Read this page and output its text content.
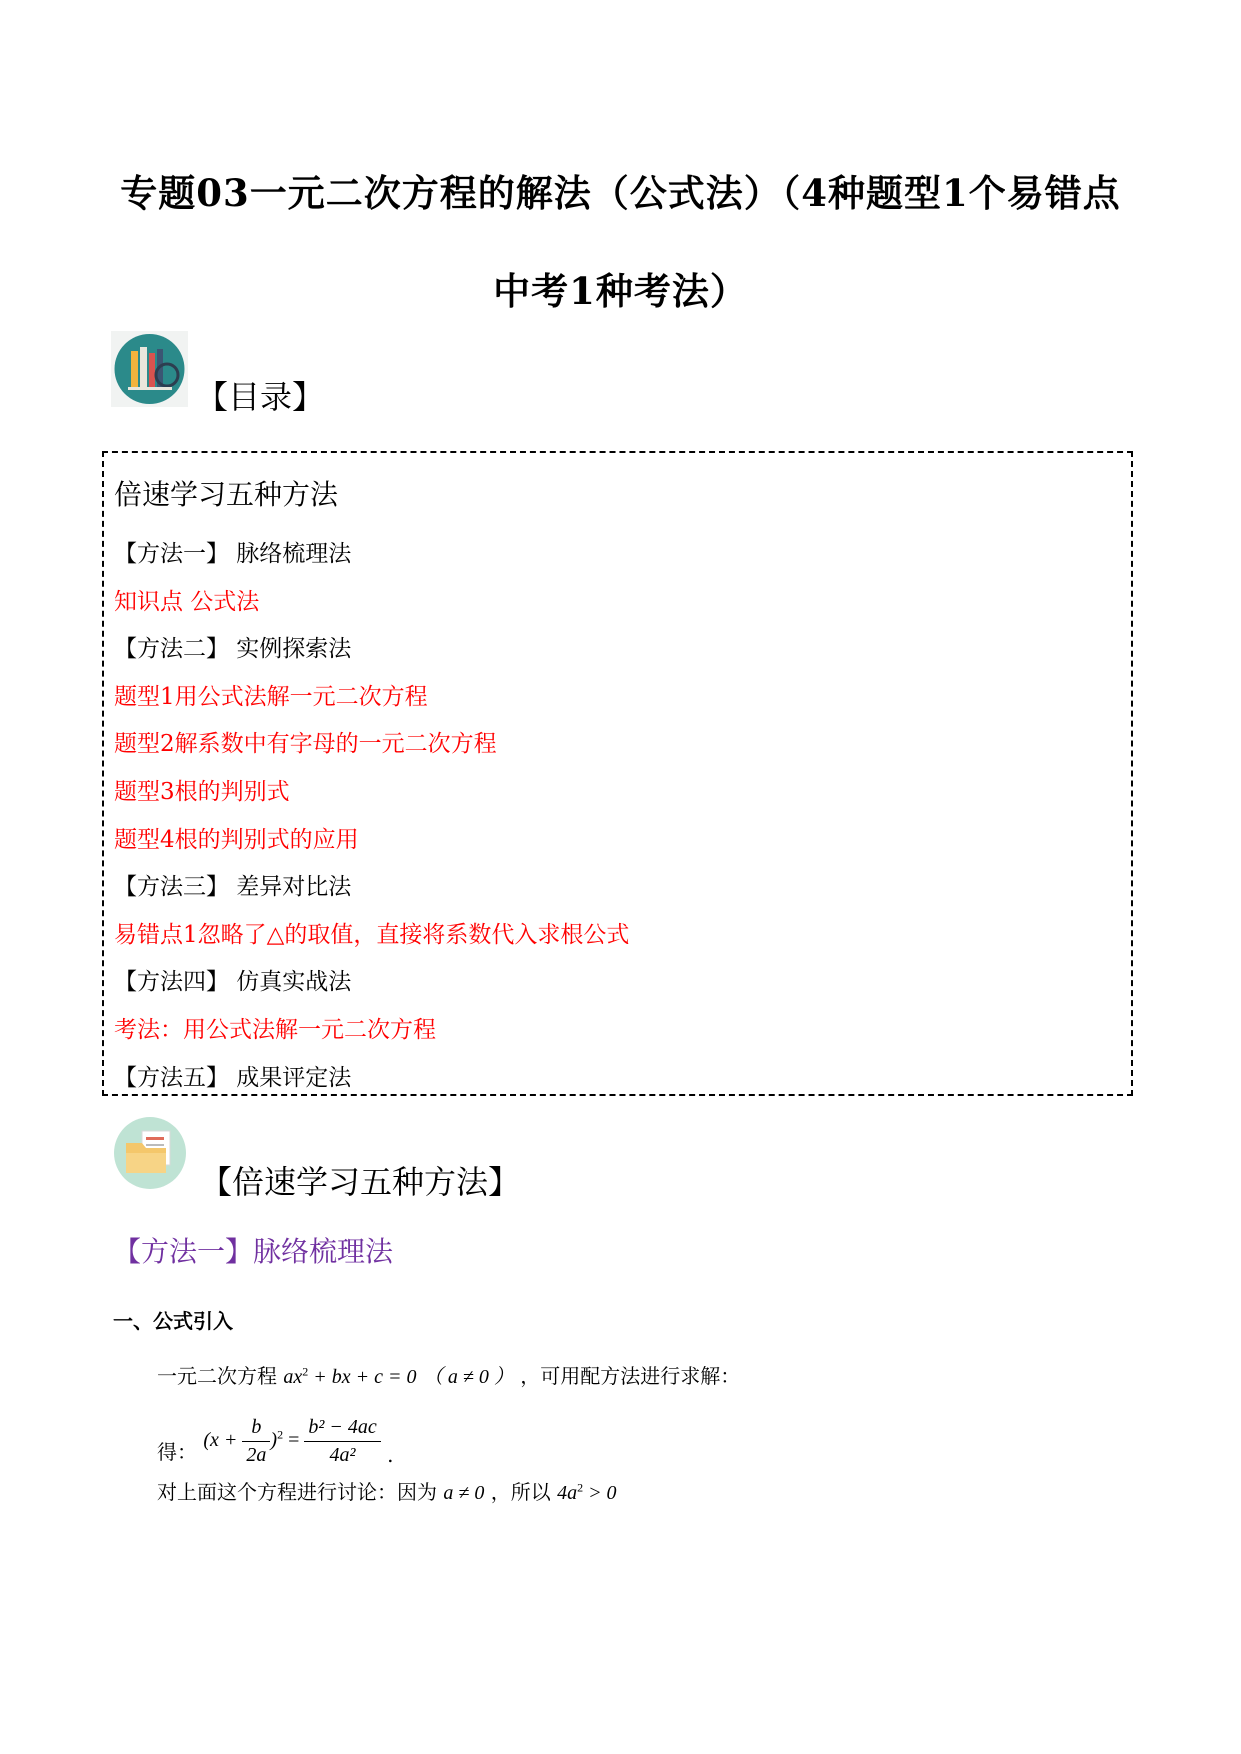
专题03一元二次方程的解法（公式法）（4种题型1个易错点
中考1种考法）
【目录】
倍速学习五种方法
【方法一】 脉络梳理法
知识点 公式法
【方法二】 实例探索法
题型1用公式法解一元二次方程
题型2解系数中有字母的一元二次方程
题型3根的判别式
题型4根的判别式的应用
【方法三】 差异对比法
易错点1忽略了△的取值，直接将系数代入求根公式
【方法四】 仿真实战法
考法：用公式法解一元二次方程
【方法五】 成果评定法
【倍速学习五种方法】
【方法一】脉络梳理法
一、公式引入
一元二次方程 $ax^2$ + bx + c = 0 （ a ≠ 0 ） ，可用配方法进行求解：
得： $(x + \frac{b}{2a} )^2 = \frac{\text{b² − 4ac}}{\text{4a²}}$ .
对上面这个方程进行讨论：因为 a ≠ 0 ，所以 $4a^2 > 0$
